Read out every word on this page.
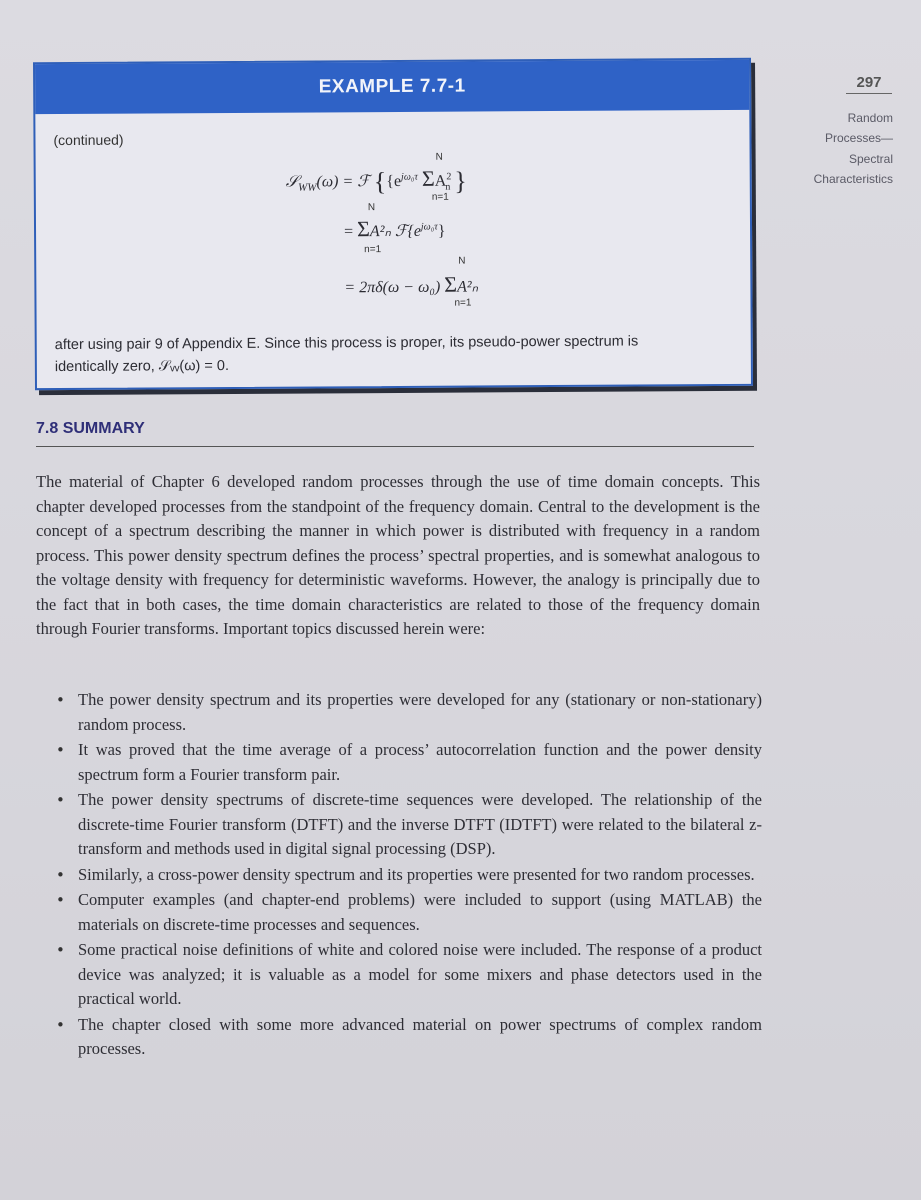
EXAMPLE 7.7-1
(continued)
𝒮$_{WW}$(ω) = ℱ {{$e^{j\omega_0\tau}$ $\Sigma A^2_n$ }
N
n=1
= ΣA²ₙ $ℱ\{e^{j\omega_0\tau}\}$
N
n=1
= 2πδ(ω − ω₀) ΣA²ₙ
N
n=1
after using pair 9 of Appendix E. Since this process is proper, its pseudo-power spectrum is
identically zero, 𝒮ᵥᵥ(ω) = 0.
297
Random
Processes—
Spectral
Characteristics
7.8 SUMMARY
The material of Chapter 6 developed random processes through the use of time domain concepts. This chapter developed processes from the standpoint of the frequency domain. Central to the development is the concept of a spectrum describing the manner in which power is distributed with frequency in a random process. This power density spectrum defines the process’ spectral properties, and is somewhat analogous to the voltage density with frequency for deterministic waveforms. However, the analogy is principally due to the fact that in both cases, the time domain characteristics are related to those of the frequency domain through Fourier transforms. Important topics discussed herein were:
• The power density spectrum and its properties were developed for any (stationary or non-stationary) random process.
• It was proved that the time average of a process’ autocorrelation function and the power density spectrum form a Fourier transform pair.
• The power density spectrums of discrete-time sequences were developed. The relationship of the discrete-time Fourier transform (DTFT) and the inverse DTFT (IDTFT) were related to the bilateral z-transform and methods used in digital signal processing (DSP).
• Similarly, a cross-power density spectrum and its properties were presented for two random processes.
• Computer examples (and chapter-end problems) were included to support (using MATLAB) the materials on discrete-time processes and sequences.
• Some practical noise definitions of white and colored noise were included. The response of a product device was analyzed; it is valuable as a model for some mixers and phase detectors used in the practical world.
• The chapter closed with some more advanced material on power spectrums of complex random processes.
